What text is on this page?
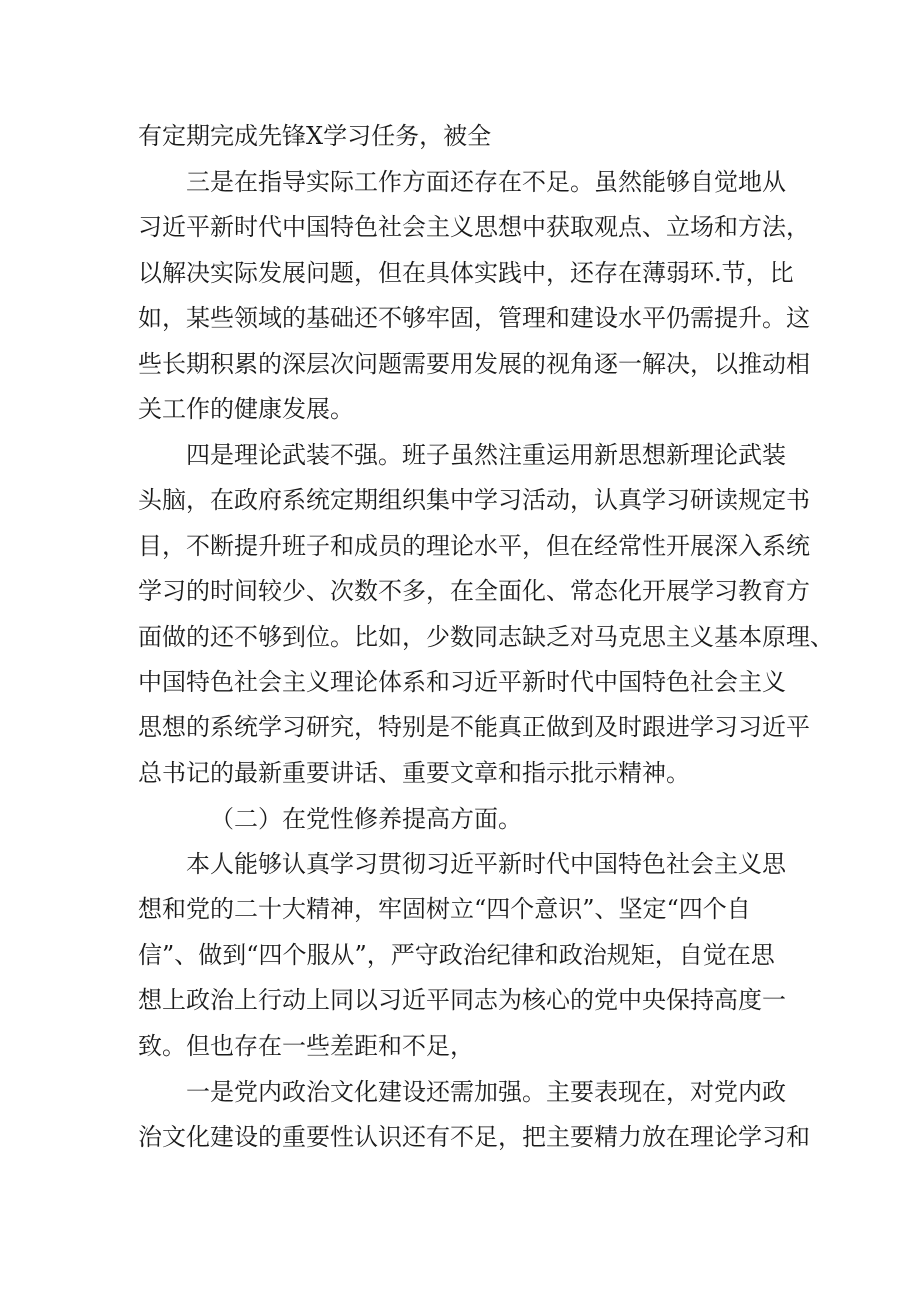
有定期完成先锋X学习任务，被全
三是在指导实际工作方面还存在不足。虽然能够自觉地从
习近平新时代中国特色社会主义思想中获取观点、立场和方法，
以解决实际发展问题，但在具体实践中，还存在薄弱环.节，比
如，某些领域的基础还不够牢固，管理和建设水平仍需提升。这
些长期积累的深层次问题需要用发展的视角逐一解决，以推动相
关工作的健康发展。
四是理论武装不强。班子虽然注重运用新思想新理论武装
头脑，在政府系统定期组织集中学习活动，认真学习研读规定书
目，不断提升班子和成员的理论水平，但在经常性开展深入系统
学习的时间较少、次数不多，在全面化、常态化开展学习教育方
面做的还不够到位。比如，少数同志缺乏对马克思主义基本原理、
中国特色社会主义理论体系和习近平新时代中国特色社会主义
思想的系统学习研究，特别是不能真正做到及时跟进学习习近平
总书记的最新重要讲话、重要文章和指示批示精神。
（二）在党性修养提高方面。
本人能够认真学习贯彻习近平新时代中国特色社会主义思
想和党的二十大精神，牢固树立“四个意识”、坚定“四个自
信”、做到“四个服从”，严守政治纪律和政治规矩，自觉在思
想上政治上行动上同以习近平同志为核心的党中央保持高度一
致。但也存在一些差距和不足，
一是党内政治文化建设还需加强。主要表现在，对党内政
治文化建设的重要性认识还有不足，把主要精力放在理论学习和
